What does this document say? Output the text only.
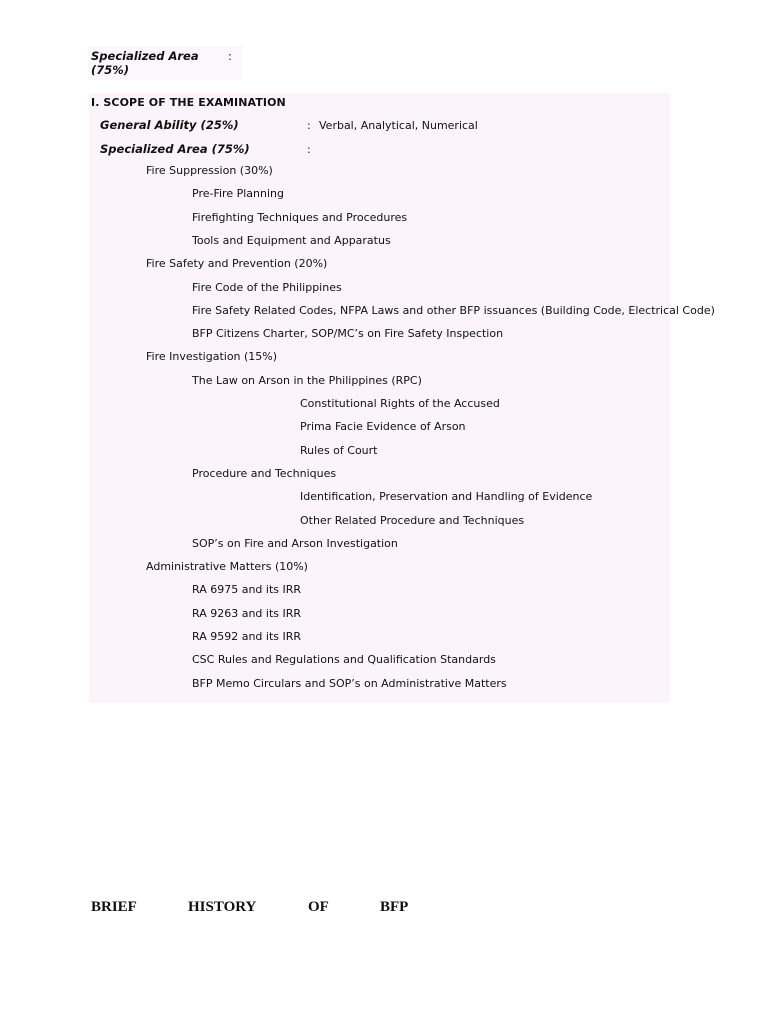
Specialized Area (75%)
:
I. SCOPE OF THE EXAMINATION
General Ability (25%)	: Verbal, Analytical, Numerical
Specialized Area (75%)	:
Fire Suppression (30%)
Pre-Fire Planning
Firefighting Techniques and Procedures
Tools and Equipment and Apparatus
Fire Safety and Prevention (20%)
Fire Code of the Philippines
Fire Safety Related Codes, NFPA Laws and other BFP issuances (Building Code, Electrical Code)
BFP Citizens Charter, SOP/MC’s on Fire Safety Inspection
Fire Investigation (15%)
The Law on Arson in the Philippines (RPC)
Constitutional Rights of the Accused
Prima Facie Evidence of Arson
Rules of Court
Procedure and Techniques
Identification, Preservation and Handling of Evidence
Other Related Procedure and Techniques
SOP’s on Fire and Arson Investigation
Administrative Matters (10%)
RA 6975 and its IRR
RA 9263 and its IRR
RA 9592 and its IRR
CSC Rules and Regulations and Qualification Standards
BFP Memo Circulars and SOP’s on Administrative Matters
BRIEF	HISTORY	OF	BFP
